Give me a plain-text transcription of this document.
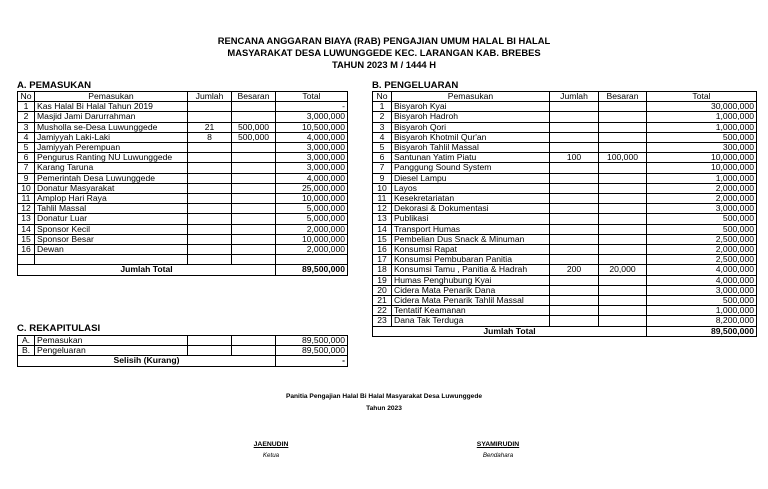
RENCANA ANGGARAN BIAYA (RAB) PENGAJIAN UMUM HALAL BI HALAL
MASYARAKAT DESA LUWUNGGEDE KEC. LARANGAN KAB. BREBES
TAHUN 2023 M / 1444 H
A. PEMASUKAN
No	Pemasukan	Jumlah	Besaran	Total
1	Kas Halal Bi Halal Tahun 2019			-
2	Masjid Jami Darurrahman			3,000,000
3	Musholla se-Desa Luwunggede	21	500,000	10,500,000
4	Jamiyyah Laki-Laki	8	500,000	4,000,000
5	Jamiyyah Perempuan			3,000,000
6	Pengurus Ranting NU Luwunggede			3,000,000
7	Karang Taruna			3,000,000
9	Pemerintah Desa Luwunggede			4,000,000
10	Donatur Masyarakat			25,000,000
11	Amplop Hari Raya			10,000,000
12	Tahlil Massal			5,000,000
13	Donatur Luar			5,000,000
14	Sponsor Kecil			2,000,000
15	Sponsor Besar			10,000,000
16	Dewan			2,000,000

Jumlah Total				89,500,000
C. REKAPITULASI
A.	Pemasukan			89,500,000
B.	Pengeluaran			89,500,000
Selisih (Kurang)				-
B. PENGELUARAN
No	Pemasukan	Jumlah	Besaran	Total
1	Bisyaroh Kyai			30,000,000
2	Bisyaroh Hadroh			1,000,000
3	Bisyaroh Qori			1,000,000
4	Bisyaroh Khotmil Qur'an			500,000
5	Bisyaroh Tahlil Massal			300,000
6	Santunan Yatim Piatu	100	100,000	10,000,000
7	Panggung Sound System			10,000,000
9	Diesel Lampu			1,000,000
10	Layos			2,000,000
11	Kesekretariatan			2,000,000
12	Dekorasi & Dokumentasi			3,000,000
13	Publikasi			500,000
14	Transport Humas			500,000
15	Pembelian Dus Snack & Minuman			2,500,000
16	Konsumsi Rapat			2,000,000
17	Konsumsi Pembubaran Panitia			2,500,000
18	Konsumsi Tamu , Panitia & Hadrah	200	20,000	4,000,000
19	Humas Penghubung Kyai			4,000,000
20	Cidera Mata Penarik Dana			3,000,000
21	Cidera Mata Penarik Tahlil Massal			500,000
22	Tentatif Keamanan			1,000,000
23	Dana Tak Terduga			8,200,000
Jumlah Total				89,500,000
Panitia Pengajian Halal Bi Halal Masyarakat Desa Luwunggede
Tahun 2023
JAENUDIN
Ketua
SYAMIRUDIN
Bendahara
